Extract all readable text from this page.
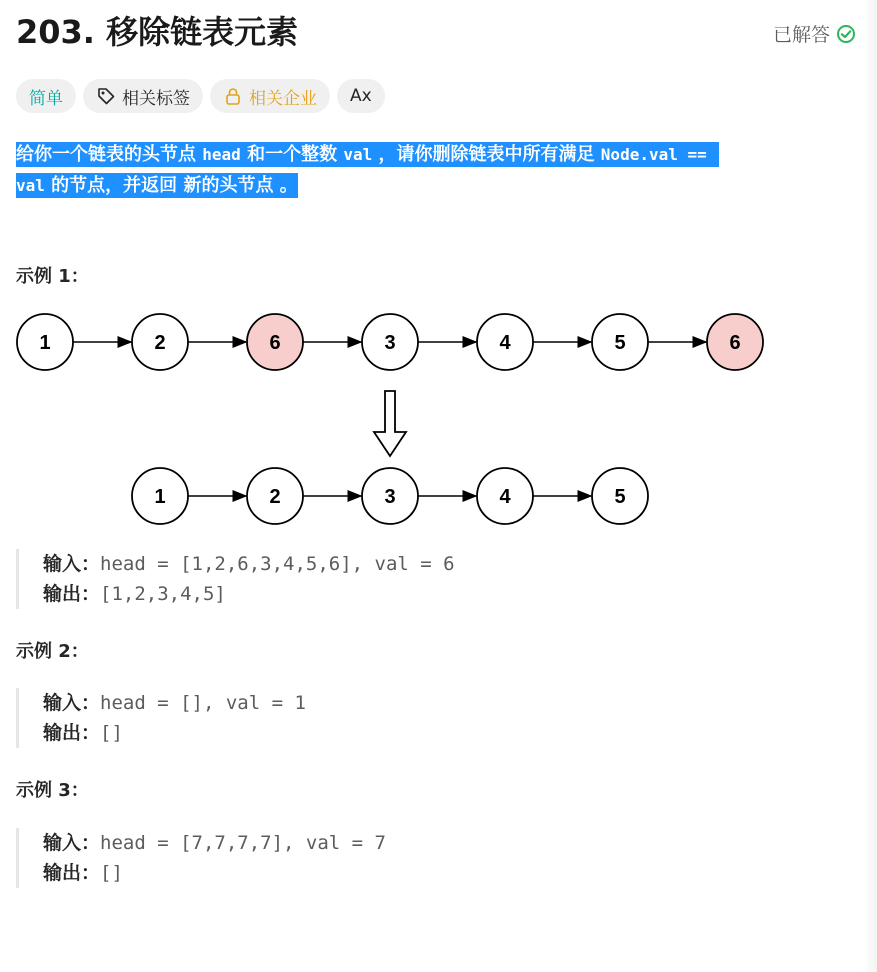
203. 移除链表元素	已解答
简单	相关标签	相关企业 Ax
给你一个链表的头节点 head 和一个整数 val ，请你删除链表中所有满足 Node.val ==
val 的节点，并返回 新的头节点 。
示例 1：
1	2	6	3	4	5	6
1	2	3	4	5
输入：head = [1,2,6,3,4,5,6], val = 6
输出：[1,2,3,4,5]
示例 2：
输入：head = [], val = 1
输出：[]
示例 3：
输入：head = [7,7,7,7], val = 7
输出：[]
